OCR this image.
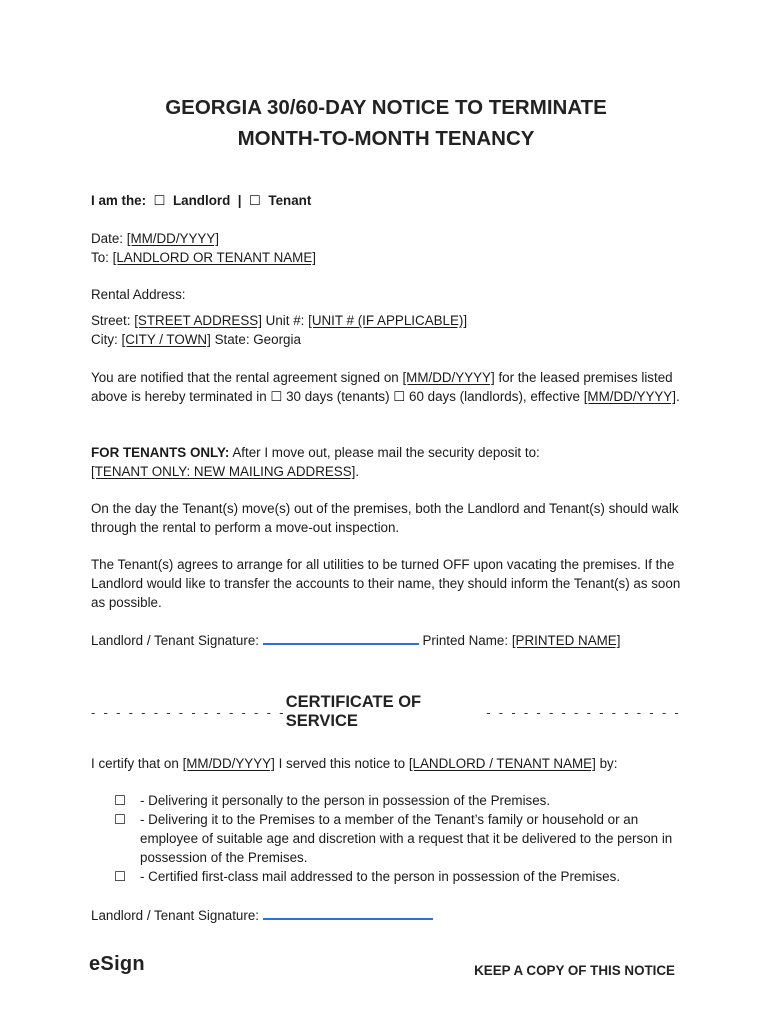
GEORGIA 30/60-DAY NOTICE TO TERMINATE
MONTH-TO-MONTH TENANCY
I am the: ☐ Landlord | ☐ Tenant
Date: [MM/DD/YYYY]
To: [LANDLORD OR TENANT NAME]
Rental Address:
Street: [STREET ADDRESS] Unit #: [UNIT # (IF APPLICABLE)]
City: [CITY / TOWN] State: Georgia
You are notified that the rental agreement signed on [MM/DD/YYYY] for the leased premises listed above is hereby terminated in ☐ 30 days (tenants) ☐ 60 days (landlords), effective [MM/DD/YYYY].
FOR TENANTS ONLY: After I move out, please mail the security deposit to:
[TENANT ONLY: NEW MAILING ADDRESS].
On the day the Tenant(s) move(s) out of the premises, both the Landlord and Tenant(s) should walk through the rental to perform a move-out inspection.
The Tenant(s) agrees to arrange for all utilities to be turned OFF upon vacating the premises. If the Landlord would like to transfer the accounts to their name, they should inform the Tenant(s) as soon as possible.
Landlord / Tenant Signature:	Printed Name: [PRINTED NAME]
- - - - - - - - - - - - - - - -
CERTIFICATE OF SERVICE	- - - - - - - - - - - - - - - -
I certify that on [MM/DD/YYYY] I served this notice to [LANDLORD / TENANT NAME] by:
☐ - Delivering it personally to the person in possession of the Premises.
☐ - Delivering it to the Premises to a member of the Tenant’s family or household or an employee of suitable age and discretion with a request that it be delivered to the person in possession of the Premises.
☐ - Certified first-class mail addressed to the person in possession of the Premises.
Landlord / Tenant Signature:
eSign	KEEP A COPY OF THIS NOTICE
